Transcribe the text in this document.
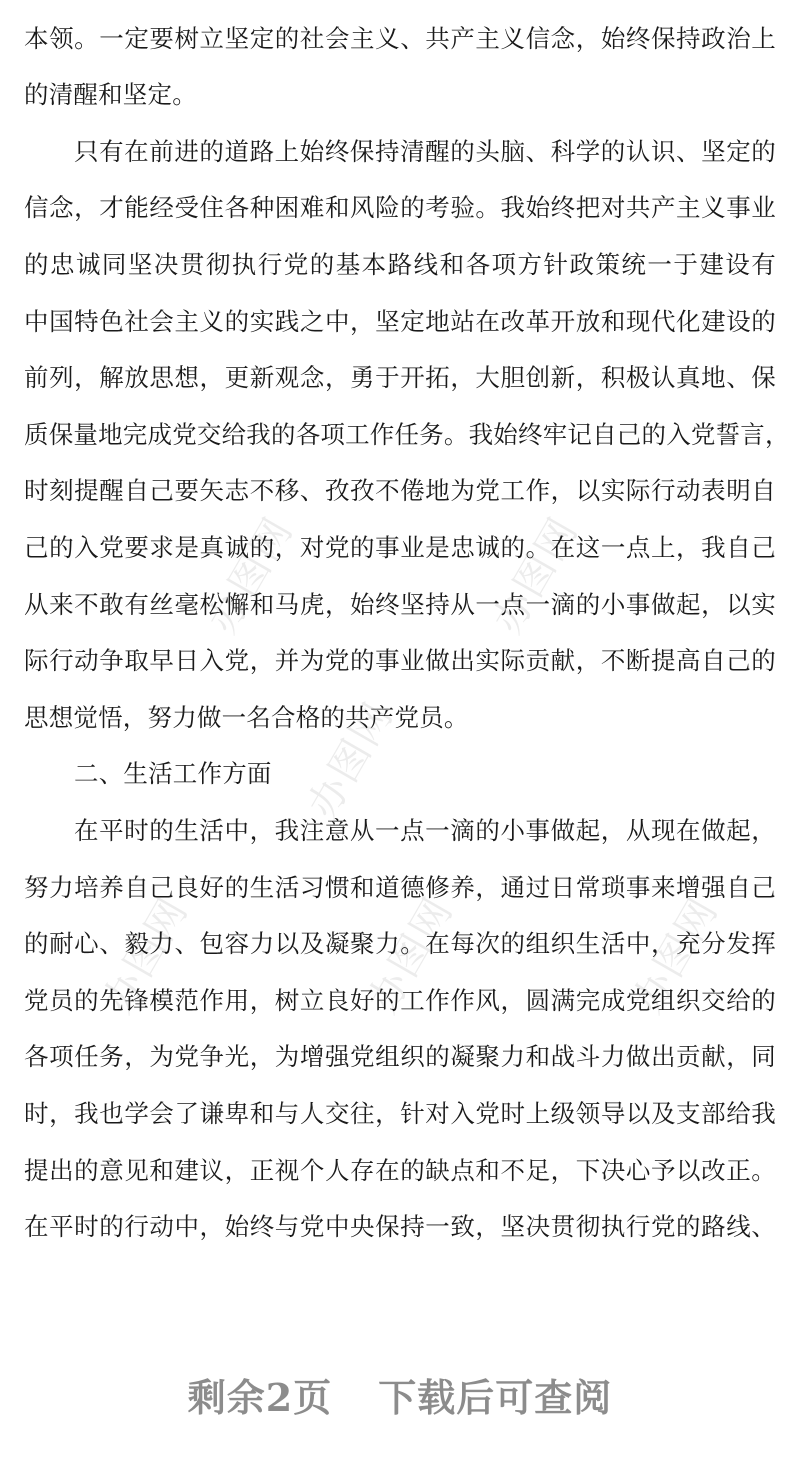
办图网	办图网
办图网
办图网	办图网	办图网
本领。一定要树立坚定的社会主义、共产主义信念，始终保持政治上
的清醒和坚定。
只有在前进的道路上始终保持清醒的头脑、科学的认识、坚定的
信念，才能经受住各种困难和风险的考验。我始终把对共产主义事业
的忠诚同坚决贯彻执行党的基本路线和各项方针政策统一于建设有
中国特色社会主义的实践之中，坚定地站在改革开放和现代化建设的
前列，解放思想，更新观念，勇于开拓，大胆创新，积极认真地、保
质保量地完成党交给我的各项工作任务。我始终牢记自己的入党誓言，
时刻提醒自己要矢志不移、孜孜不倦地为党工作，以实际行动表明自
己的入党要求是真诚的，对党的事业是忠诚的。在这一点上，我自己
从来不敢有丝毫松懈和马虎，始终坚持从一点一滴的小事做起，以实
际行动争取早日入党，并为党的事业做出实际贡献，不断提高自己的
思想觉悟，努力做一名合格的共产党员。
二、生活工作方面
在平时的生活中，我注意从一点一滴的小事做起，从现在做起，
努力培养自己良好的生活习惯和道德修养，通过日常琐事来增强自己
的耐心、毅力、包容力以及凝聚力。在每次的组织生活中，充分发挥
党员的先锋模范作用，树立良好的工作作风，圆满完成党组织交给的
各项任务，为党争光，为增强党组织的凝聚力和战斗力做出贡献，同
时，我也学会了谦卑和与人交往，针对入党时上级领导以及支部给我
提出的意见和建议，正视个人存在的缺点和不足，下决心予以改正。
在平时的行动中，始终与党中央保持一致，坚决贯彻执行党的路线、
剩余2页 下载后可查阅
